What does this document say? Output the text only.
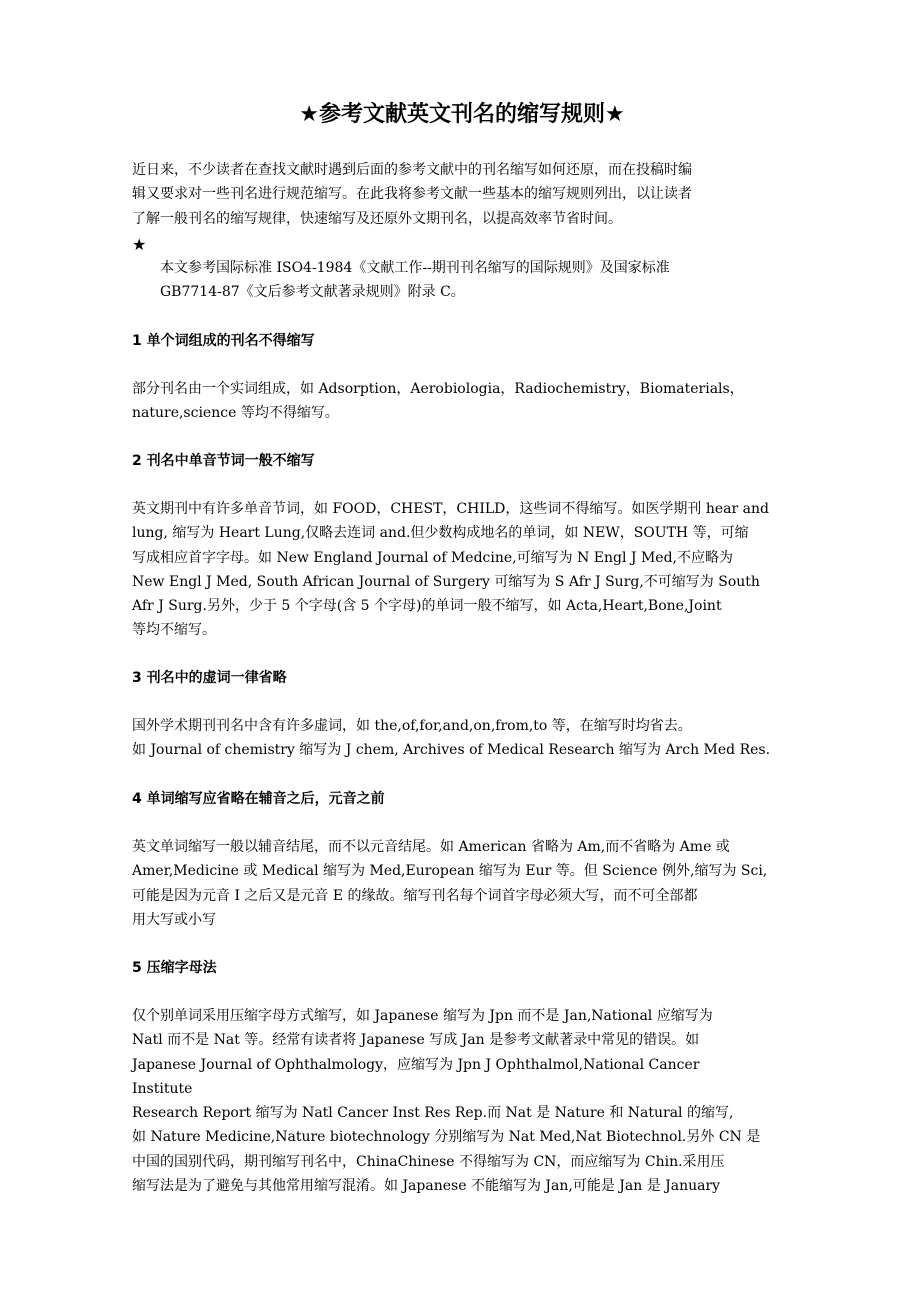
★参考文献英文刊名的缩写规则★

近日来，不少读者在查找文献时遇到后面的参考文献中的刊名缩写如何还原，而在投稿时编

辑又要求对一些刊名进行规范缩写。在此我将参考文献一些基本的缩写规则列出，以让读者

了解一般刊名的缩写规律，快速缩写及还原外文期刊名，以提高效率节省时间。

★

本文参考国际标准 ISO4-1984《文献工作--期刊刊名缩写的国际规则》及国家标准

GB7714-87《文后参考文献著录规则》附录 C。

1 单个词组成的刊名不得缩写

部分刊名由一个实词组成，如 Adsorption，Aerobiologia，Radiochemistry，Biomaterials，

nature,science 等均不得缩写。

2 刊名中单音节词一般不缩写

英文期刊中有许多单音节词，如 FOOD，CHEST，CHILD，这些词不得缩写。如医学期刊 hear and

lung, 缩写为 Heart Lung,仅略去连词 and.但少数构成地名的单词，如 NEW，SOUTH 等，可缩

写成相应首字字母。如 New England Journal of Medcine,可缩写为 N Engl J Med,不应略为

New Engl J Med, South African Journal of Surgery 可缩写为 S Afr J Surg,不可缩写为 South

Afr J Surg.另外，少于 5 个字母(含 5 个字母)的单词一般不缩写，如 Acta,Heart,Bone,Joint

等均不缩写。

3 刊名中的虚词一律省略

国外学术期刊刊名中含有许多虚词，如 the,of,for,and,on,from,to 等，在缩写时均省去。

如 Journal of chemistry 缩写为 J chem, Archives of Medical Research 缩写为 Arch Med Res.

4 单词缩写应省略在辅音之后，元音之前

英文单词缩写一般以辅音结尾，而不以元音结尾。如 American 省略为 Am,而不省略为 Ame 或

Amer,Medicine 或 Medical 缩写为 Med,European 缩写为 Eur 等。但 Science 例外,缩写为 Sci,

可能是因为元音 I 之后又是元音 E 的缘故。缩写刊名每个词首字母必须大写，而不可全部都

用大写或小写

5 压缩字母法

仅个别单词采用压缩字母方式缩写，如 Japanese 缩写为 Jpn 而不是 Jan,National 应缩写为

Natl 而不是 Nat 等。经常有读者将 Japanese 写成 Jan 是参考文献著录中常见的错误。如

Japanese Journal of Ophthalmology，应缩写为 Jpn J Ophthalmol,National Cancer

Institute

Research Report 缩写为 Natl Cancer Inst Res Rep.而 Nat 是 Nature 和 Natural 的缩写,

如 Nature Medicine,Nature biotechnology 分别缩写为 Nat Med,Nat Biotechnol.另外 CN 是

中国的国别代码，期刊缩写刊名中，ChinaChinese 不得缩写为 CN，而应缩写为 Chin.采用压

缩写法是为了避免与其他常用缩写混淆。如 Japanese 不能缩写为 Jan,可能是 Jan 是 January
